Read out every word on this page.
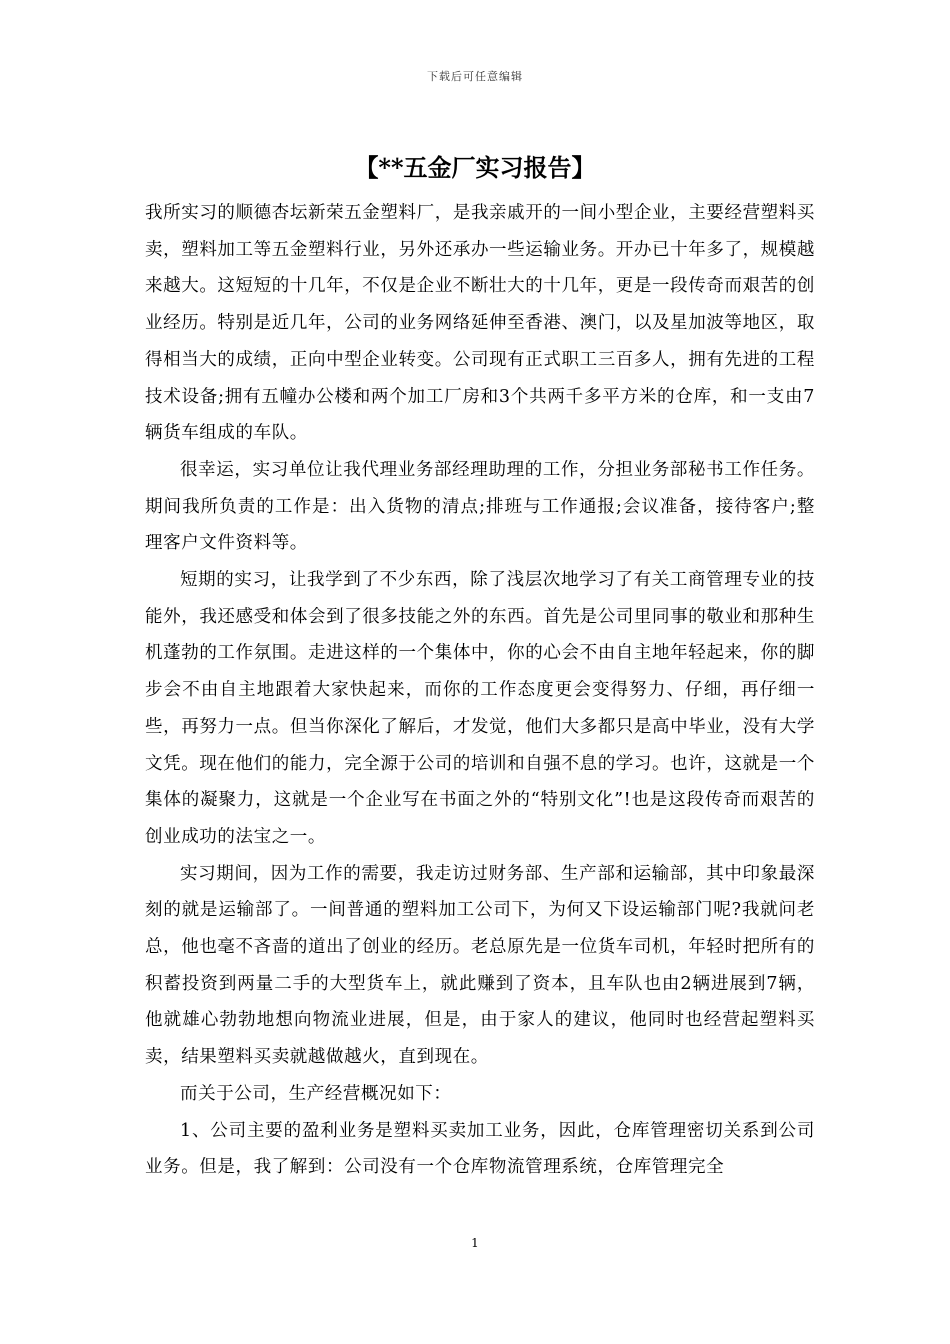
下载后可任意编辑
【**五金厂实习报告】

我所实习的顺德杏坛新荣五金塑料厂，是我亲戚开的一间小型企业，主要经营塑料买卖，塑料加工等五金塑料行业，另外还承办一些运输业务。开办已十年多了，规模越来越大。这短短的十几年，不仅是企业不断壮大的十几年，更是一段传奇而艰苦的创业经历。特别是近几年，公司的业务网络延伸至香港、澳门，以及星加波等地区，取得相当大的成绩，正向中型企业转变。公司现有正式职工三百多人，拥有先进的工程技术设备;拥有五幢办公楼和两个加工厂房和3个共两千多平方米的仓库，和一支由7辆货车组成的车队。

很幸运，实习单位让我代理业务部经理助理的工作，分担业务部秘书工作任务。期间我所负责的工作是：出入货物的清点;排班与工作通报;会议准备，接待客户;整理客户文件资料等。

短期的实习，让我学到了不少东西，除了浅层次地学习了有关工商管理专业的技能外，我还感受和体会到了很多技能之外的东西。首先是公司里同事的敬业和那种生机蓬勃的工作氛围。走进这样的一个集体中，你的心会不由自主地年轻起来，你的脚步会不由自主地跟着大家快起来，而你的工作态度更会变得努力、仔细，再仔细一些，再努力一点。但当你深化了解后，才发觉，他们大多都只是高中毕业，没有大学文凭。现在他们的能力，完全源于公司的培训和自强不息的学习。也许，这就是一个集体的凝聚力，这就是一个企业写在书面之外的“特别文化”!也是这段传奇而艰苦的创业成功的法宝之一。

实习期间，因为工作的需要，我走访过财务部、生产部和运输部，其中印象最深刻的就是运输部了。一间普通的塑料加工公司下，为何又下设运输部门呢?我就问老总，他也毫不吝啬的道出了创业的经历。老总原先是一位货车司机，年轻时把所有的积蓄投资到两量二手的大型货车上，就此赚到了资本，且车队也由2辆进展到7辆，他就雄心勃勃地想向物流业进展，但是，由于家人的建议，他同时也经营起塑料买卖，结果塑料买卖就越做越火，直到现在。

而关于公司，生产经营概况如下：

1、公司主要的盈利业务是塑料买卖加工业务，因此，仓库管理密切关系到公司业务。但是，我了解到：公司没有一个仓库物流管理系统，仓库管理完全

1
